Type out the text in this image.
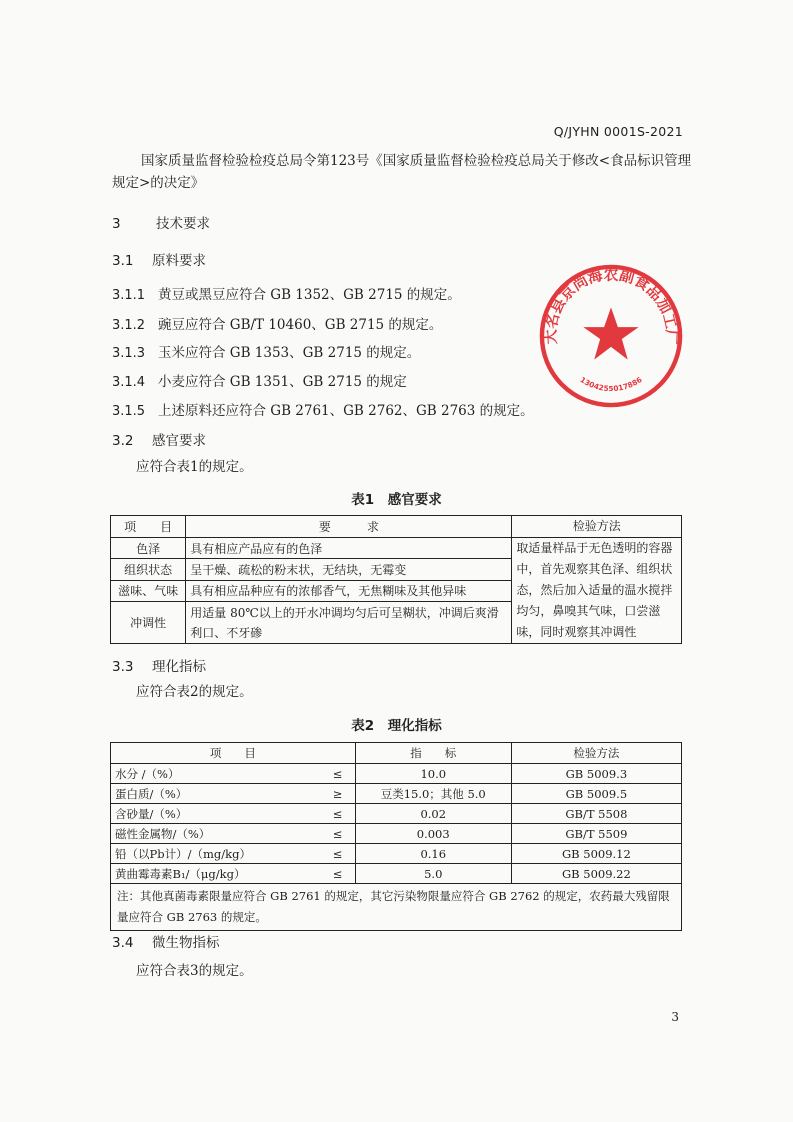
Q/JYHN 0001S-2021
国家质量监督检验检疫总局令第123号《国家质量监督检验检疫总局关于修改<食品标识管理
规定>的决定》
3	技术要求
3.1 原料要求
3.1.1 黄豆或黑豆应符合 GB 1352、GB 2715 的规定。
3.1.2 豌豆应符合 GB/T 10460、GB 2715 的规定。
3.1.3 玉米应符合 GB 1353、GB 2715 的规定。
3.1.4 小麦应符合 GB 1351、GB 2715 的规定
3.1.5 上述原料还应符合 GB 2761、GB 2762、GB 2763 的规定。
3.2 感官要求
应符合表1的规定。
表1　感官要求
项　　目	要　　　求	检验方法
色泽	具有相应产品应有的色泽	取适量样品于无色透明的容器中，首先观察其色泽、组织状态，然后加入适量的温水搅拌均匀，鼻嗅其气味，口尝滋味，同时观察其冲调性
组织状态	呈干燥、疏松的粉末状，无结块，无霉变	
滋味、气味	具有相应品种应有的浓郁香气，无焦糊味及其他异味	
冲调性	用适量 80℃以上的开水冲调均匀后可呈糊状，冲调后爽滑利口、不牙碜	
3.3 理化指标
应符合表2的规定。
表2　理化指标
项　　目		指　　标	检验方法
水分 /（%）	≤	10.0	GB 5009.3
蛋白质/（%）	≥	豆类15.0；其他 5.0	GB 5009.5
含砂量/（%）	≤	0.02	GB/T 5508
磁性金属物/（%）	≤	0.003	GB/T 5509
铅（以Pb计）/（mg/kg）	≤	0.16	GB 5009.12
黄曲霉毒素B₁/（μg/kg）	≤	5.0	GB 5009.22
注：其他真菌毒素限量应符合 GB 2761 的规定，其它污染物限量应符合 GB 2762 的规定，农药最大残留限量应符合 GB 2763 的规定。			
3.4 微生物指标
应符合表3的规定。
3
大名县京尚海农副食品加工厂
1304255017886
